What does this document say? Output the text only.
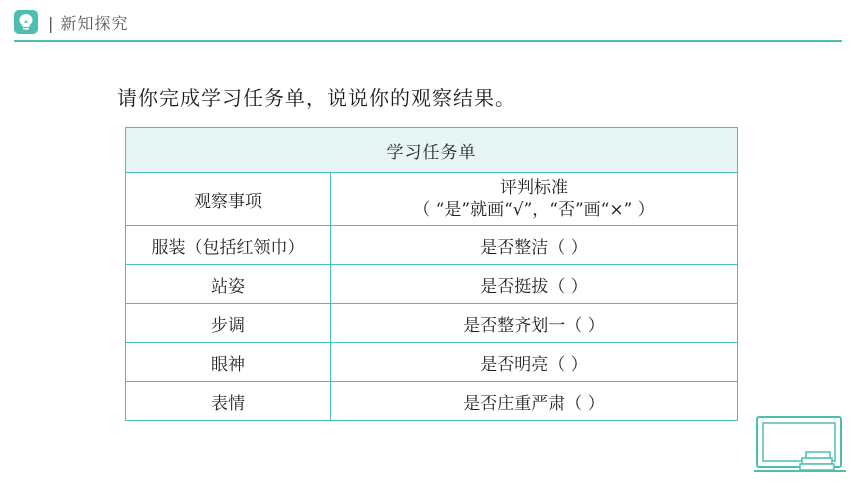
| 新知探究
请你完成学习任务单，说说你的观察结果。
学习任务单	
观察事项	评判标准
（ “是”就画“√”，“否”画“×” ）

服装（包括红领巾）	是否整洁（ ）
站姿	是否挺拔（ ）
步调	是否整齐划一（ ）
眼神	是否明亮（ ）
表情	是否庄重严肃（ ）
